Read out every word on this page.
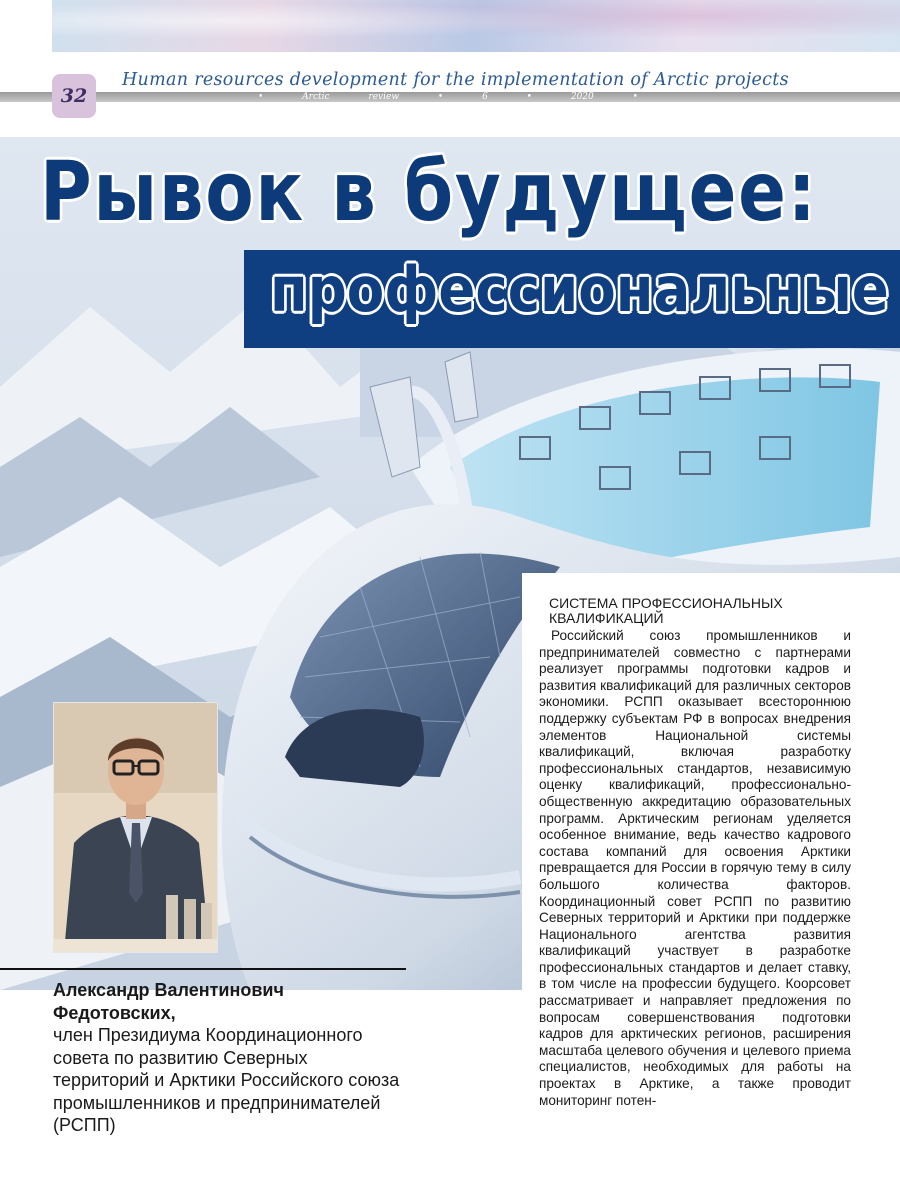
32
Human resources development for the implementation of Arctic projects
•	Arctic	review	•	6	•	2020	•
Рывок в будущее:
профессиональные
Александр Валентинович Федотовских,
член Президиума Координационного совета по развитию Северных территорий и Арктики Российского союза промышленников и предпринимателей (РСПП)
СИСТЕМА ПРОФЕССИОНАЛЬНЫХ КВАЛИФИКАЦИЙ

Российский союз промышленников и предпринимателей совместно с партнерами реализует программы подготовки кадров и развития квалификаций для различных секторов экономики. РСПП оказывает всестороннюю поддержку субъектам РФ в вопросах внедрения элементов Национальной системы квалификаций, включая разработку профессиональных стандартов, независимую оценку квалификаций, профессионально-общественную аккредитацию образовательных программ. Арктическим регионам уделяется особенное внимание, ведь качество кадрового состава компаний для освоения Арктики превращается для России в горячую тему в силу большого количества факторов. Координационный совет РСПП по развитию Северных территорий и Арктики при поддержке Национального агентства развития квалификаций участвует в разработке профессиональных стандартов и делает ставку, в том числе на профессии будущего. Коорсовет рассматривает и направляет предложения по вопросам совершенствования подготовки кадров для арктических регионов, расширения масштаба целевого обучения и целевого приема специалистов, необходимых для работы на проектах в Арктике, а также проводит мониторинг потен-
